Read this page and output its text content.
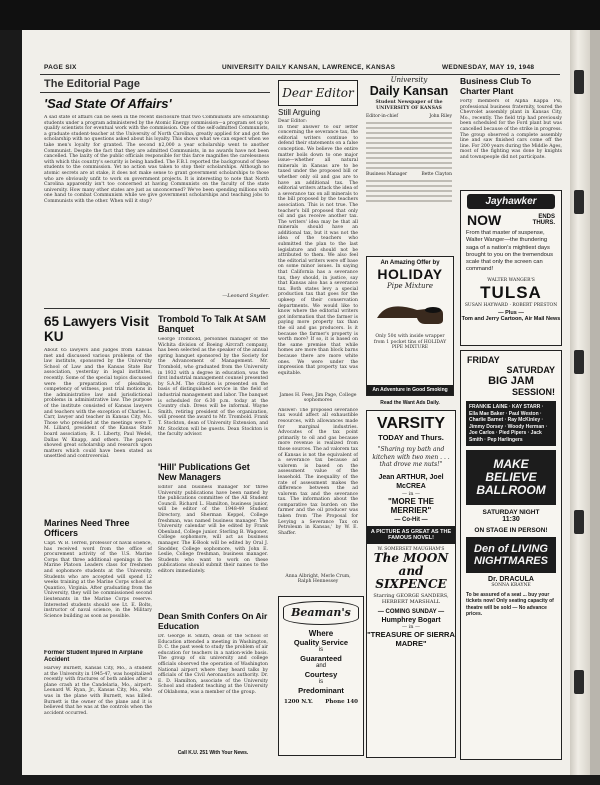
PAGE SIX	UNIVERSITY DAILY KANSAN, LAWRENCE, KANSAS	WEDNESDAY, MAY 19, 1948
The Editorial Page
'Sad State Of Affairs'
A sad state of affairs can be seen in the recent disclosure that two Communists are scholarship students under a program administered by the Atomic Energy commission—a program set up to qualify scientists for eventual work with the commission. One of the self-admitted Communists, a graduate student-teacher at the University of North Carolina, greatly applied for and got the scholarship with no questions asked about his loyalty. This shows what we can expect when we take men's loyalty for granted. The second $2,000 a year scholarship went to another Communist. Despite the fact that they are admitted Communists, in no awards have not been cancelled. The laxity of the public officials responsible for this farce magnifies the carelessness with which this country's security is being handled. The F.B.I. reported the background of these students to the commission. Yet no action was taken to stop their scholarships. Although no atomic secrets are at stake, it does not make sense to grant government scholarships to those who are obviously unfit to work on government projects. It is interesting to note that North Carolina apparently isn't too concerned at having Communists on the faculty of the state university. How many other states are just as unconcerned? We've been spending millions with one hand to combat Communism while we give government scholarships and teaching jobs to Communists with the other. When will it stop?
—Leonard Snyder.
65 Lawyers Visit KU
About 65 lawyers and judges from Kansas met and discussed various problems of the law institute, sponsored by the University School of Law and the Kansas State Bar association, yesterday in legal institutes, recently. Some of the special topics discussed were the preparation of pleadings, competency of witness, post trial motions in the administrative law and jurisdictional problems in administrative law. The purpose of the institute consisted of Kansas lawyers and teachers with the exception of Charles L. Carr, lawyer and teacher in Kansas City, Mo. Those who presided at the meetings were T. M. Lillard, president of the Kansas State board association; R. I. Liberty, Paul Wedel, Dallas W. Knapp, and others. The papers showed great scholarship and research upon matters which could have been stated as unsettled and controversial.
Marines Need Three Officers
Capt. W. B. Terrell, professor of naval science, has received word from the office of procurement activity of the U.S. Marine Corps that three additional openings in the Marine Platoon Leaders class for freshmen and sophomore students at the University. Students who are accepted will spend 12 weeks training at the Marine Corps school at Quantico, Virginia. After graduating from the University, they will be commissioned second lieutenants in the Marine Corps reserve. Interested students should see Lt. E. Bolts, instructor of naval science, in the Military Science building as soon as possible.
Former Student Injured In Airplane Accident
Harvey Burnett, Kansas City, Mo., a student at the University in 1945-47, was hospitalized recently with fractures of both ankles after a plane crash at the Candelaria, Mo., airport. Leonard W. Ryan, Jr., Kansas City, Mo., who was in the plane with Burnett, was killed. Burnett is the owner of the plane and it is believed that he was at the controls when the accident occurred.
Trombold To Talk At SAM Banquet
George Trombold, personnel manager of the Wichita division of Boeing Aircraft company, has been selected as the speaker of the annual spring banquet sponsored by the Society for the Advancement of Management. Mr. Trombold, who graduated from the University in 1932 with a degree in education, was the first industrial management counsel presented by S.A.M. The citation is presented on the basis of distinguished service in the field of industrial management and labor. The banquet is scheduled for 6:30 p.m. today at the Country club. Dress will be informal. Wayne Smith, retiring president of the organization, will present the award to Mr. Trombold. Frank T. Stockton, dean of University Extension, and Mr. Stockton will be guests. Dean Stockton is the faculty advisor.
'Hill' Publications Get New Managers
Editor and business manager for three University publications have been named by the publications committee of the All Student Council. Richard L. Hamilton, business junior, will be editor of the 1948-49 Student Directory, and Sherman Keppel, College freshman, was named business manager. The University calendar will be edited by Frank Obenland, College junior. Sterling B. Wagoner, College sophomore, will act as business manager. The K-Book will be edited by Oral J. Snodder, College sophomore, with John E. Leslie, College freshman, business manager. Students who want to work on these publications should submit their names to the editors immediately.
Dean Smith Confers On Air Education
Dr. George B. Smith, dean of the School of Education attended a meeting in Washington, D. C. the past week to study the problem of air education for teachers in a nation-wide basis. The group of six university and college officials observed the operation of Washington National airport where they heard talks by officials of the Civil Aeronautics authority. Dr. E. D. Hamilton, associate of the University School and student teaching at the University of Oklahoma, was a member of the group.
Call K.U. 251 With Your News.
Dear Editor
Still Arguing
Dear Editor:
In their answer to our letter concerning the severance tax, the editorial writers continue to defend their statements on a false conception. We believe the entire matter boils down to one major issue—whether all natural minerals in Kansas are to be taxed under the proposed bill or whether only oil and gas are to have an additional tax. The editorial writers attack the idea of a severance tax on all minerals to the bill proposed by the teachers association. This is not true. The teacher's bill proposed that only oil and gas receive another tax. The writers' idea may be that all minerals should have an additional tax, but it was not the idea of the teachers who submitted the plan to the last legislature and should not be attributed to them. We also feel the editorial writers were off base on some minor issues. In saying that California has a severance tax, they should, in justice, say that Kansas also has a severance tax. Both states levy a special production tax that goes for the upkeep of their conservation departments. We would like to know where the editorial writers got information that the farmer is paying more property tax than the oil and gas producers. Is it because the farmer's property is worth more? If so, it is based on the same premise that while homes are more than block barns because there are more white ones. We were under the impression that property tax was equitable.
James H. Fees, Jim Page, College sophomores
Answer: The proposed severance tax would affect all exhaustible resources, with allowances made for marginal industries. Advocates of the tax point primarily to oil and gas because more revenue is realized from those sources. The ad valorem tax of Kansas is not the equivalent of a severance tax because ad valorem is based on the assessment value of the leasehold. The inequality of the rate of assessment makes the difference between the ad valorem tax and the severance tax. The information about the comparative tax burden on the farmer and the oil producer was taken from 'The Proposal for Levying a Severance Tax on Petroleum in Kansas,' by W. E. Shaffer.
Anna Albright, Merle Crum, Ralph Hennessey
Beaman's
Where
Quality Service
is
Guaranteed
and
Courtesy
is
Predominant
1200 N.Y. Phone 140
University
Daily Kansan
Student Newspaper of the UNIVERSITY OF KANSAS
Editor-in-chief	John Riley
Business Manager	Bette Clayton
An Amazing Offer by
HOLIDAY
Pipe Mixture
Only 50¢ with inside wrapper from 1 pocket tins of HOLIDAY PIPE MIXTURE
An Adventure in Good Smoking
Read the Want Ads Daily.
VARSITY
TODAY and Thurs.
"Sharing my bath and kitchen with two men . . . that drove me nuts!"
Jean ARTHUR, Joel McCREA
— in —
"MORE THE MERRIER"
— Co-Hit —
A PICTURE AS GREAT AS THE FAMOUS NOVEL!
W. SOMERSET MAUGHAM'S
The MOON and SIXPENCE
Starring GEORGE SANDERS, HERBERT MARSHALL
— COMING SUNDAY —
Humphrey Bogart
— in —
"TREASURE OF SIERRA MADRE"
Business Club To Charter Plant
Forty members of Alpha Kappa Psi, professional business fraternity, toured the Chevrolet assembly plant in Kansas City, Mo., recently. The field trip had previously been scheduled for the Ford plant but was cancelled because of the strike in progress. The group observed a complete assembly line and saw finished cars come off the line. For 200 years during the Middle Ages, most of the fighting was done by knights and townspeople did not participate.
Jayhawker
NOW	ENDS THURS.
From that master of suspense, Walter Wanger—the thundering saga of a nation's mightiest days brought to you on the tremendous scale that only the screen can command!
WALTER WANGER'S
TULSA
SUSAN HAYWARD · ROBERT PRESTON
— Plus —
Tom and Jerry Cartoon, Air Mail News
FRIDAY
SATURDAY
BIG JAM
SESSION!
FRANKIE LAINE · KAY STARR · Ella Mae Baker · Paul Weston · Charlie Barnet · Ray McKinley · Jimmy Dorsey · Woody Herman · Joe Carlos · Pied Pipers · Jack Smith · Pep Harlingers
MAKE BELIEVE BALLROOM
SATURDAY NIGHT
11:30
ON STAGE IN PERSON!
Den of LIVING NIGHTMARES
Dr. DRACULA
SONNA KRAYNE
To be assured of a seat ... buy your tickets now! Only seating capacity of theatre will be sold — No advance prices.
